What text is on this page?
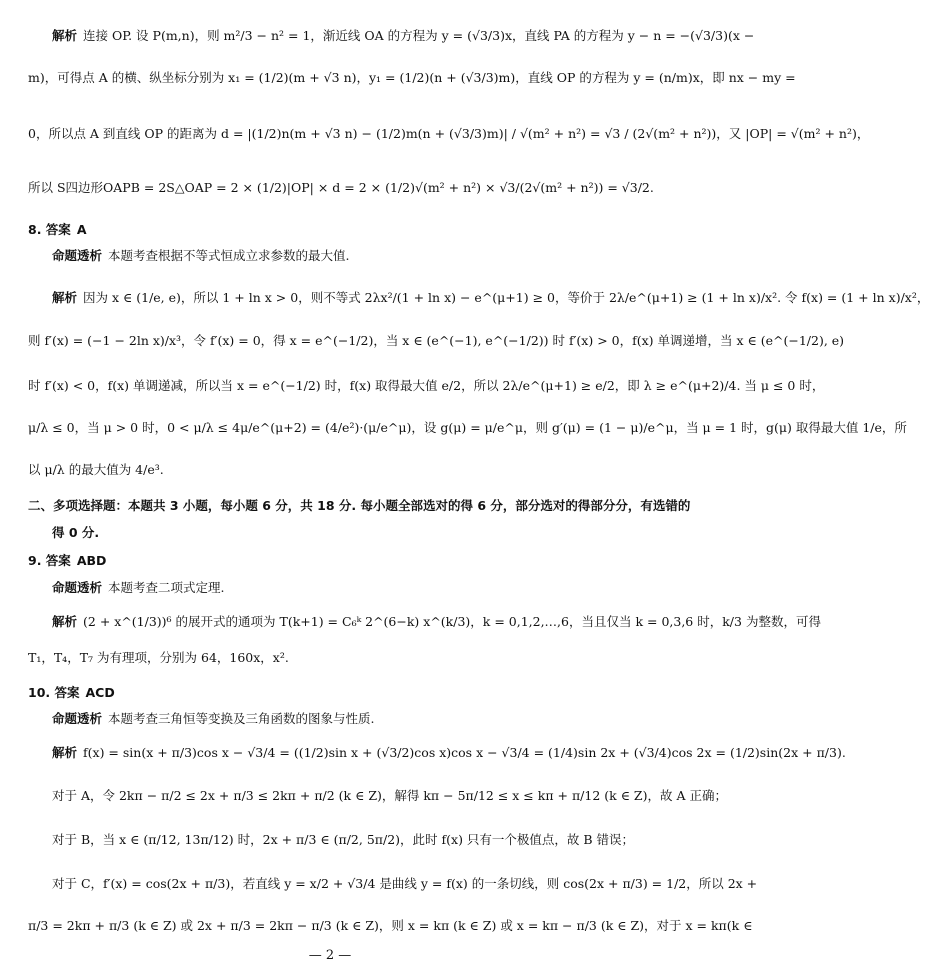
解析 连接 OP. 设 P(m,n)，则 m²/3 − n² = 1，渐近线 OA 的方程为 y = (√3/3)x，直线 PA 的方程为 y − n = −(√3/3)(x −
m)，可得点 A 的横、纵坐标分别为 x₁ = (1/2)(m + √3 n)，y₁ = (1/2)(n + (√3/3)m)，直线 OP 的方程为 y = (n/m)x，即 nx − my =
0，所以点 A 到直线 OP 的距离为 d = |(1/2)n(m + √3 n) − (1/2)m(n + (√3/3)m)| / √(m² + n²) = √3 / (2√(m² + n²))，又 |OP| = √(m² + n²)，
所以 S四边形OAPB = 2S△OAP = 2 × (1/2)|OP| × d = 2 × (1/2)√(m² + n²) × √3/(2√(m² + n²)) = √3/2.
8. 答案 A
命题透析 本题考查根据不等式恒成立求参数的最大值.
解析 因为 x ∈ (1/e, e)，所以 1 + ln x > 0，则不等式 2λx²/(1 + ln x) − e^(μ+1) ≥ 0，等价于 2λ/e^(μ+1) ≥ (1 + ln x)/x². 令 f(x) = (1 + ln x)/x²，
则 f′(x) = (−1 − 2ln x)/x³，令 f′(x) = 0，得 x = e^(−1/2)，当 x ∈ (e^(−1), e^(−1/2)) 时 f′(x) > 0，f(x) 单调递增，当 x ∈ (e^(−1/2), e)
时 f′(x) < 0，f(x) 单调递减，所以当 x = e^(−1/2) 时，f(x) 取得最大值 e/2，所以 2λ/e^(μ+1) ≥ e/2，即 λ ≥ e^(μ+2)/4. 当 μ ≤ 0 时，
μ/λ ≤ 0，当 μ > 0 时，0 < μ/λ ≤ 4μ/e^(μ+2) = (4/e²)·(μ/e^μ)，设 g(μ) = μ/e^μ，则 g′(μ) = (1 − μ)/e^μ，当 μ = 1 时，g(μ) 取得最大值 1/e，所
以 μ/λ 的最大值为 4/e³.
二、多项选择题：本题共 3 小题，每小题 6 分，共 18 分. 每小题全部选对的得 6 分，部分选对的得部分分，有选错的
得 0 分.
9. 答案 ABD
命题透析 本题考查二项式定理.
解析 (2 + x^(1/3))⁶ 的展开式的通项为 T(k+1) = C₆ᵏ 2^(6−k) x^(k/3)，k = 0,1,2,…,6，当且仅当 k = 0,3,6 时，k/3 为整数，可得
T₁，T₄，T₇ 为有理项，分别为 64，160x，x².
10. 答案 ACD
命题透析 本题考查三角恒等变换及三角函数的图象与性质.
解析 f(x) = sin(x + π/3)cos x − √3/4 = ((1/2)sin x + (√3/2)cos x)cos x − √3/4 = (1/4)sin 2x + (√3/4)cos 2x = (1/2)sin(2x + π/3).
对于 A，令 2kπ − π/2 ≤ 2x + π/3 ≤ 2kπ + π/2 (k ∈ Z)，解得 kπ − 5π/12 ≤ x ≤ kπ + π/12 (k ∈ Z)，故 A 正确；
对于 B，当 x ∈ (π/12, 13π/12) 时，2x + π/3 ∈ (π/2, 5π/2)，此时 f(x) 只有一个极值点，故 B 错误；
对于 C，f′(x) = cos(2x + π/3)，若直线 y = x/2 + √3/4 是曲线 y = f(x) 的一条切线，则 cos(2x + π/3) = 1/2，所以 2x +
π/3 = 2kπ + π/3 (k ∈ Z) 或 2x + π/3 = 2kπ − π/3 (k ∈ Z)，则 x = kπ (k ∈ Z) 或 x = kπ − π/3 (k ∈ Z)，对于 x = kπ(k ∈
— 2 —
